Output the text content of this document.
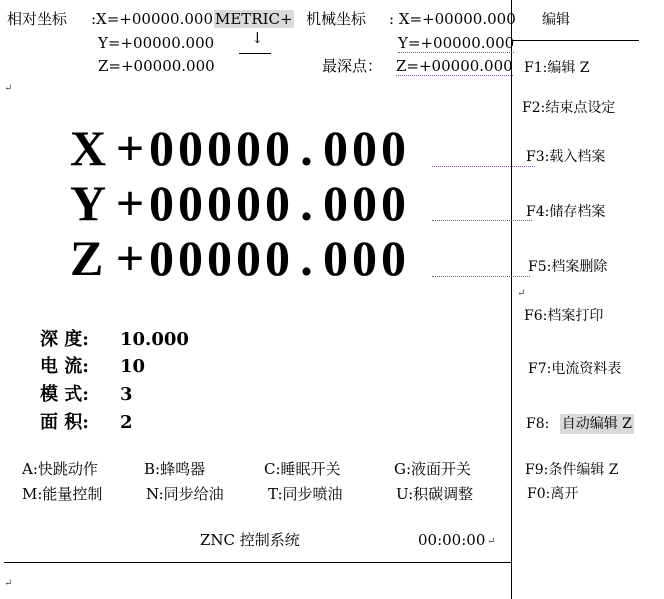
相对坐标 :X=+00000.000
Y=+00000.000
Z=+00000.000
METRIC+
↓
机械坐标 : X=+00000.000
Y=+00000.000
最深点： Z=+00000.000
↵
X +00000 . 000
Y +00000 . 000
Z +00000 . 000
深 度: 10.000
电 流: 10
模 式: 3
面 积: 2
A:快跳动作	B:蜂鸣器	C:睡眠开关	G:液面开关
M:能量控制	N:同步给油	T:同步喷油	U:积碳调整
ZNC 控制系统	00:00:00 ↵
↵
编辑
F1:编辑 Z
F2:结束点设定
F3:载入档案
F4:储存档案
F5:档案删除
↵
F6:档案打印
F7:电流资料表
F8: 自动编辑 Z
F9:条件编辑 Z
F0:离开
